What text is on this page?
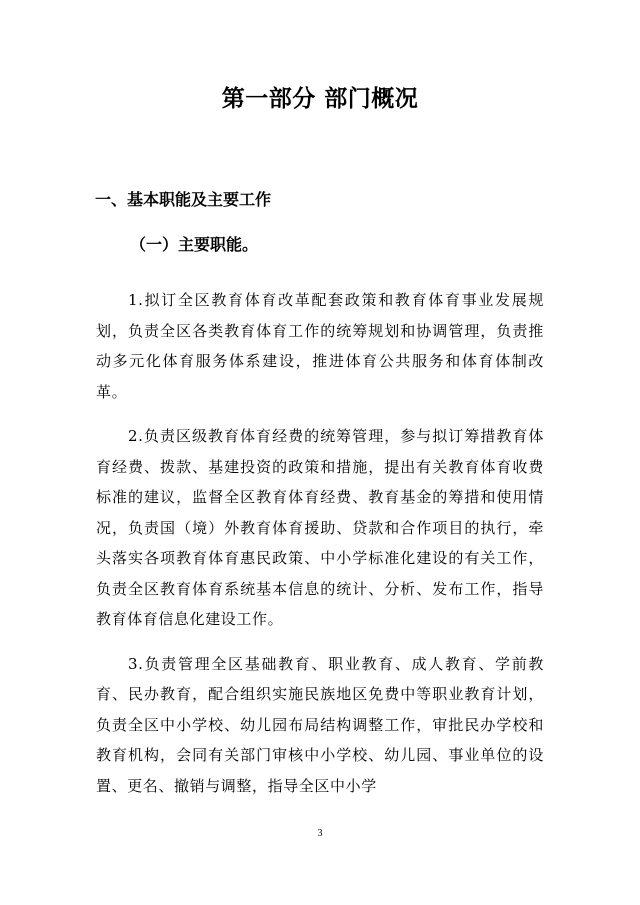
第一部分 部门概况
一、基本职能及主要工作
（一）主要职能。

1.拟订全区教育体育改革配套政策和教育体育事业发展规划，负责全区各类教育体育工作的统筹规划和协调管理，负责推动多元化体育服务体系建设，推进体育公共服务和体育体制改革。

2.负责区级教育体育经费的统筹管理，参与拟订筹措教育体育经费、拨款、基建投资的政策和措施，提出有关教育体育收费标准的建议，监督全区教育体育经费、教育基金的筹措和使用情况，负责国（境）外教育体育援助、贷款和合作项目的执行，牵头落实各项教育体育惠民政策、中小学标准化建设的有关工作，负责全区教育体育系统基本信息的统计、分析、发布工作，指导教育体育信息化建设工作。

3.负责管理全区基础教育、职业教育、成人教育、学前教育、民办教育，配合组织实施民族地区免费中等职业教育计划，负责全区中小学校、幼儿园布局结构调整工作，审批民办学校和 教育机构，会同有关部门审核中小学校、幼儿园、事业单位的设置、更名、撤销与调整，指导全区中小学

3
